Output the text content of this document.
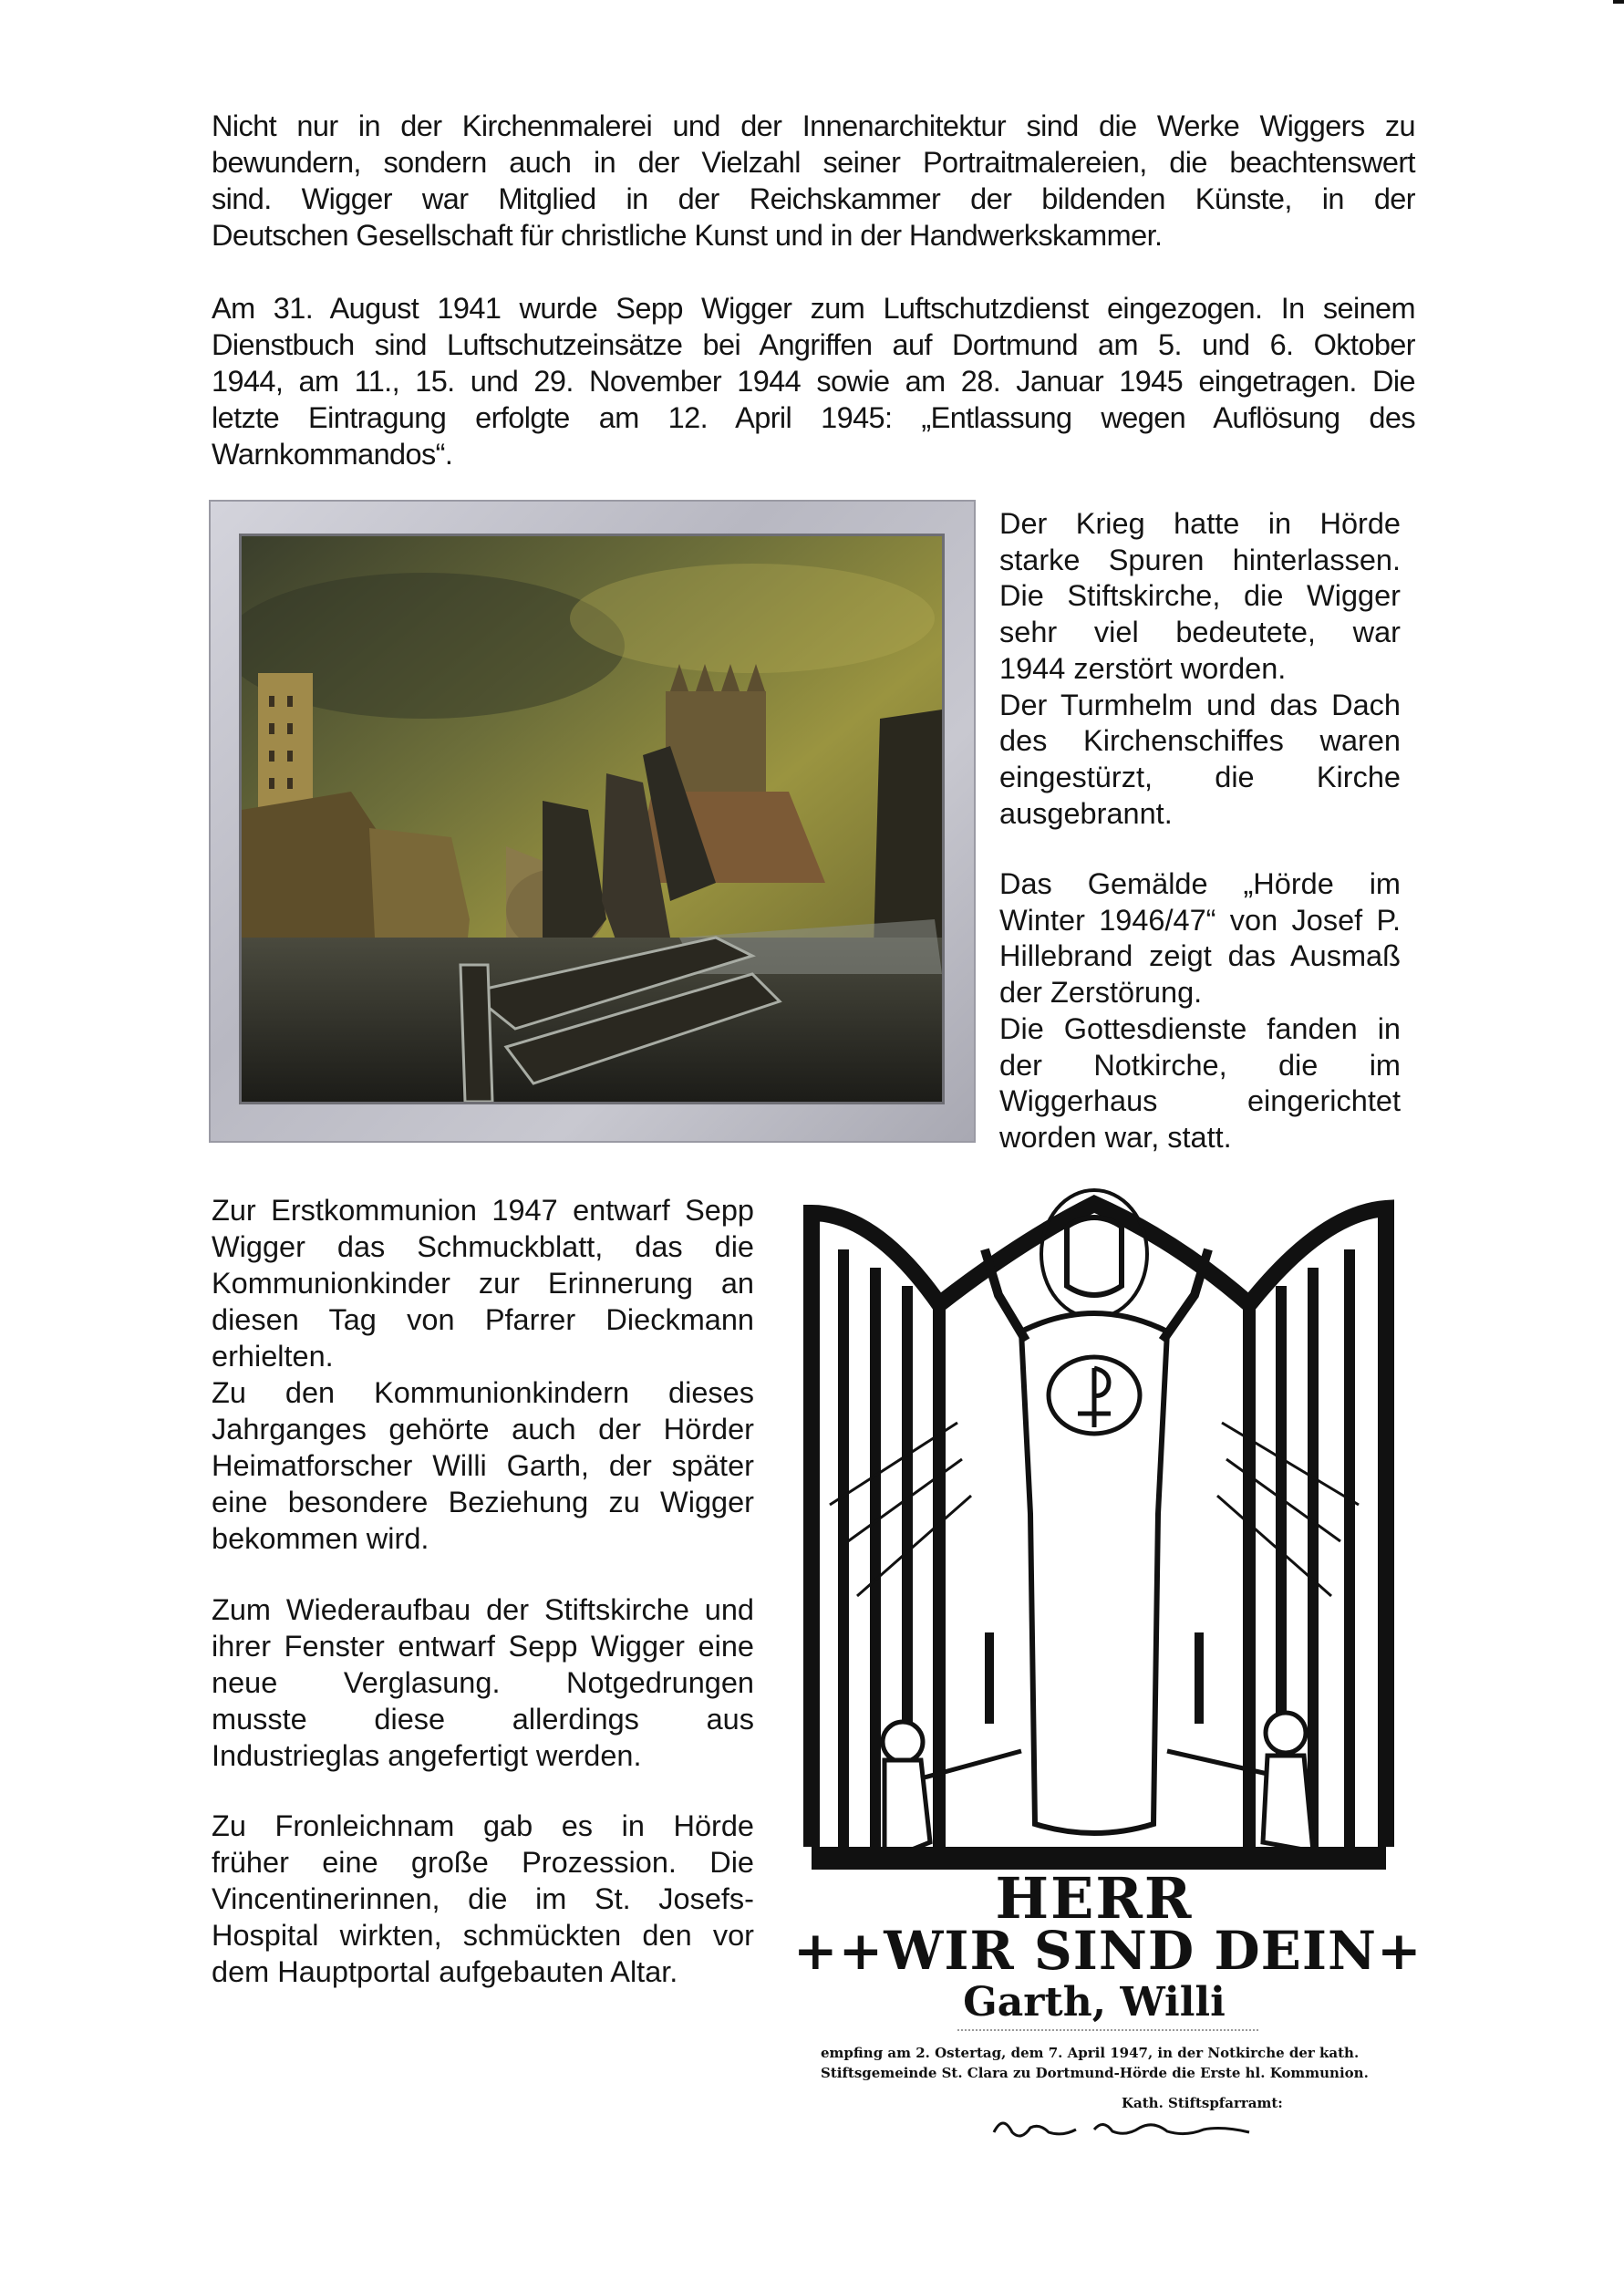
Nicht nur in der Kirchenmalerei und der Innenarchitektur sind die Werke Wiggers zu
bewundern, sondern auch in der Vielzahl seiner Portraitmalereien, die beachtenswert
sind. Wigger war Mitglied in der Reichskammer der bildenden Künste, in der
Deutschen Gesellschaft für christliche Kunst und in der Handwerkskammer.

Am 31. August 1941 wurde Sepp Wigger zum Luftschutzdienst eingezogen. In seinem
Dienstbuch sind Luftschutzeinsätze bei Angriffen auf Dortmund am 5. und 6. Oktober
1944, am 11., 15. und 29. November 1944 sowie am 28. Januar 1945 eingetragen. Die
letzte Eintragung erfolgte am 12. April 1945: „Entlassung wegen Auflösung des
Warnkommandos“.

Der Krieg hatte in Hörde
starke Spuren hinterlassen.
Die Stiftskirche, die Wigger
sehr viel bedeutete, war
1944 zerstört worden.
Der Turmhelm und das Dach
des Kirchenschiffes waren
eingestürzt, die Kirche
ausgebrannt.

Das Gemälde „Hörde im
Winter 1946/47“ von Josef P.
Hillebrand zeigt das Ausmaß
der Zerstörung.
Die Gottesdienste fanden in
der Notkirche, die im
Wiggerhaus eingerichtet
worden war, statt.

Zur Erstkommunion 1947 entwarf Sepp
Wigger das Schmuckblatt, das die
Kommunionkinder zur Erinnerung an
diesen Tag von Pfarrer Dieckmann
erhielten.
Zu den Kommunionkindern dieses
Jahrganges gehörte auch der Hörder
Heimatforscher Willi Garth, der später
eine besondere Beziehung zu Wigger
bekommen wird.

Zum Wiederaufbau der Stiftskirche und
ihrer Fenster entwarf Sepp Wigger eine
neue Verglasung. Notgedrungen
musste diese allerdings aus
Industrieglas angefertigt werden.

Zu Fronleichnam gab es in Hörde
früher eine große Prozession. Die
Vincentinerinnen, die im St. Josefs-
Hospital wirkten, schmückten den vor
dem Hauptportal aufgebauten Altar.

HERR
++WIR SIND DEIN+
Garth, Willi
empfing am 2. Ostertag, dem 7. April 1947, in der Notkirche der kath.
Stiftsgemeinde St. Clara zu Dortmund-Hörde die Erste hl. Kommunion.
Kath. Stiftspfarramt:
